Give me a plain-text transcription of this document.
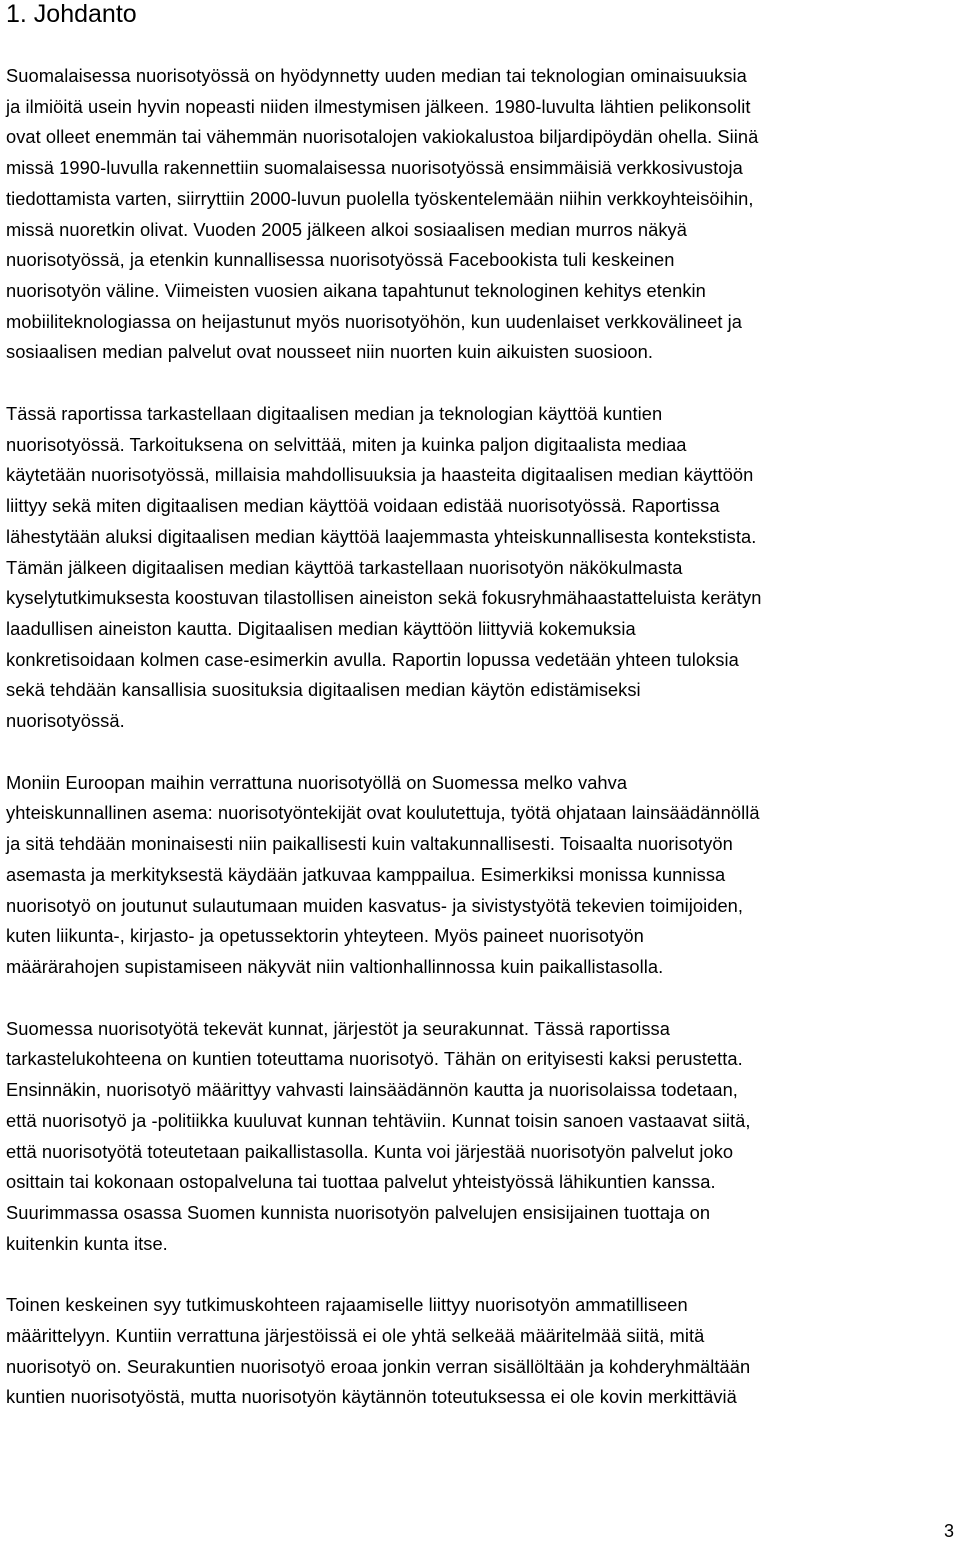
1. Johdanto

Suomalaisessa nuorisotyössä on hyödynnetty uuden median tai teknologian ominaisuuksia
ja ilmiöitä usein hyvin nopeasti niiden ilmestymisen jälkeen. 1980-luvulta lähtien pelikonsolit
ovat olleet enemmän tai vähemmän nuorisotalojen vakiokalustoa biljardipöydän ohella. Siinä
missä 1990-luvulla rakennettiin suomalaisessa nuorisotyössä ensimmäisiä verkkosivustoja
tiedottamista varten, siirryttiin 2000-luvun puolella työskentelemään niihin verkkoyhteisöihin,
missä nuoretkin olivat. Vuoden 2005 jälkeen alkoi sosiaalisen median murros näkyä
nuorisotyössä, ja etenkin kunnallisessa nuorisotyössä Facebookista tuli keskeinen
nuorisotyön väline. Viimeisten vuosien aikana tapahtunut teknologinen kehitys etenkin
mobiiliteknologiassa on heijastunut myös nuorisotyöhön, kun uudenlaiset verkkovälineet ja
sosiaalisen median palvelut ovat nousseet niin nuorten kuin aikuisten suosioon.

Tässä raportissa tarkastellaan digitaalisen median ja teknologian käyttöä kuntien
nuorisotyössä. Tarkoituksena on selvittää, miten ja kuinka paljon digitaalista mediaa
käytetään nuorisotyössä, millaisia mahdollisuuksia ja haasteita digitaalisen median käyttöön
liittyy sekä miten digitaalisen median käyttöä voidaan edistää nuorisotyössä. Raportissa
lähestytään aluksi digitaalisen median käyttöä laajemmasta yhteiskunnallisesta kontekstista.
Tämän jälkeen digitaalisen median käyttöä tarkastellaan nuorisotyön näkökulmasta
kyselytutkimuksesta koostuvan tilastollisen aineiston sekä fokusryhmähaastatteluista kerätyn
laadullisen aineiston kautta. Digitaalisen median käyttöön liittyviä kokemuksia
konkretisoidaan kolmen case-esimerkin avulla. Raportin lopussa vedetään yhteen tuloksia
sekä tehdään kansallisia suosituksia digitaalisen median käytön edistämiseksi
nuorisotyössä.

Moniin Euroopan maihin verrattuna nuorisotyöllä on Suomessa melko vahva
yhteiskunnallinen asema: nuorisotyöntekijät ovat koulutettuja, työtä ohjataan lainsäädännöllä
ja sitä tehdään moninaisesti niin paikallisesti kuin valtakunnallisesti. Toisaalta nuorisotyön
asemasta ja merkityksestä käydään jatkuvaa kamppailua. Esimerkiksi monissa kunnissa
nuorisotyö on joutunut sulautumaan muiden kasvatus- ja sivistystyötä tekevien toimijoiden,
kuten liikunta-, kirjasto- ja opetussektorin yhteyteen. Myös paineet nuorisotyön
määrärahojen supistamiseen näkyvät niin valtionhallinnossa kuin paikallistasolla.

Suomessa nuorisotyötä tekevät kunnat, järjestöt ja seurakunnat. Tässä raportissa
tarkastelukohteena on kuntien toteuttama nuorisotyö. Tähän on erityisesti kaksi perustetta.
Ensinnäkin, nuorisotyö määrittyy vahvasti lainsäädännön kautta ja nuorisolaissa todetaan,
että nuorisotyö ja -politiikka kuuluvat kunnan tehtäviin. Kunnat toisin sanoen vastaavat siitä,
että nuorisotyötä toteutetaan paikallistasolla. Kunta voi järjestää nuorisotyön palvelut joko
osittain tai kokonaan ostopalveluna tai tuottaa palvelut yhteistyössä lähikuntien kanssa.
Suurimmassa osassa Suomen kunnista nuorisotyön palvelujen ensisijainen tuottaja on
kuitenkin kunta itse.

Toinen keskeinen syy tutkimuskohteen rajaamiselle liittyy nuorisotyön ammatilliseen
määrittelyyn. Kuntiin verrattuna järjestöissä ei ole yhtä selkeää määritelmää siitä, mitä
nuorisotyö on. Seurakuntien nuorisotyö eroaa jonkin verran sisällöltään ja kohderyhmältään
kuntien nuorisotyöstä, mutta nuorisotyön käytännön toteutuksessa ei ole kovin merkittäviä

3
